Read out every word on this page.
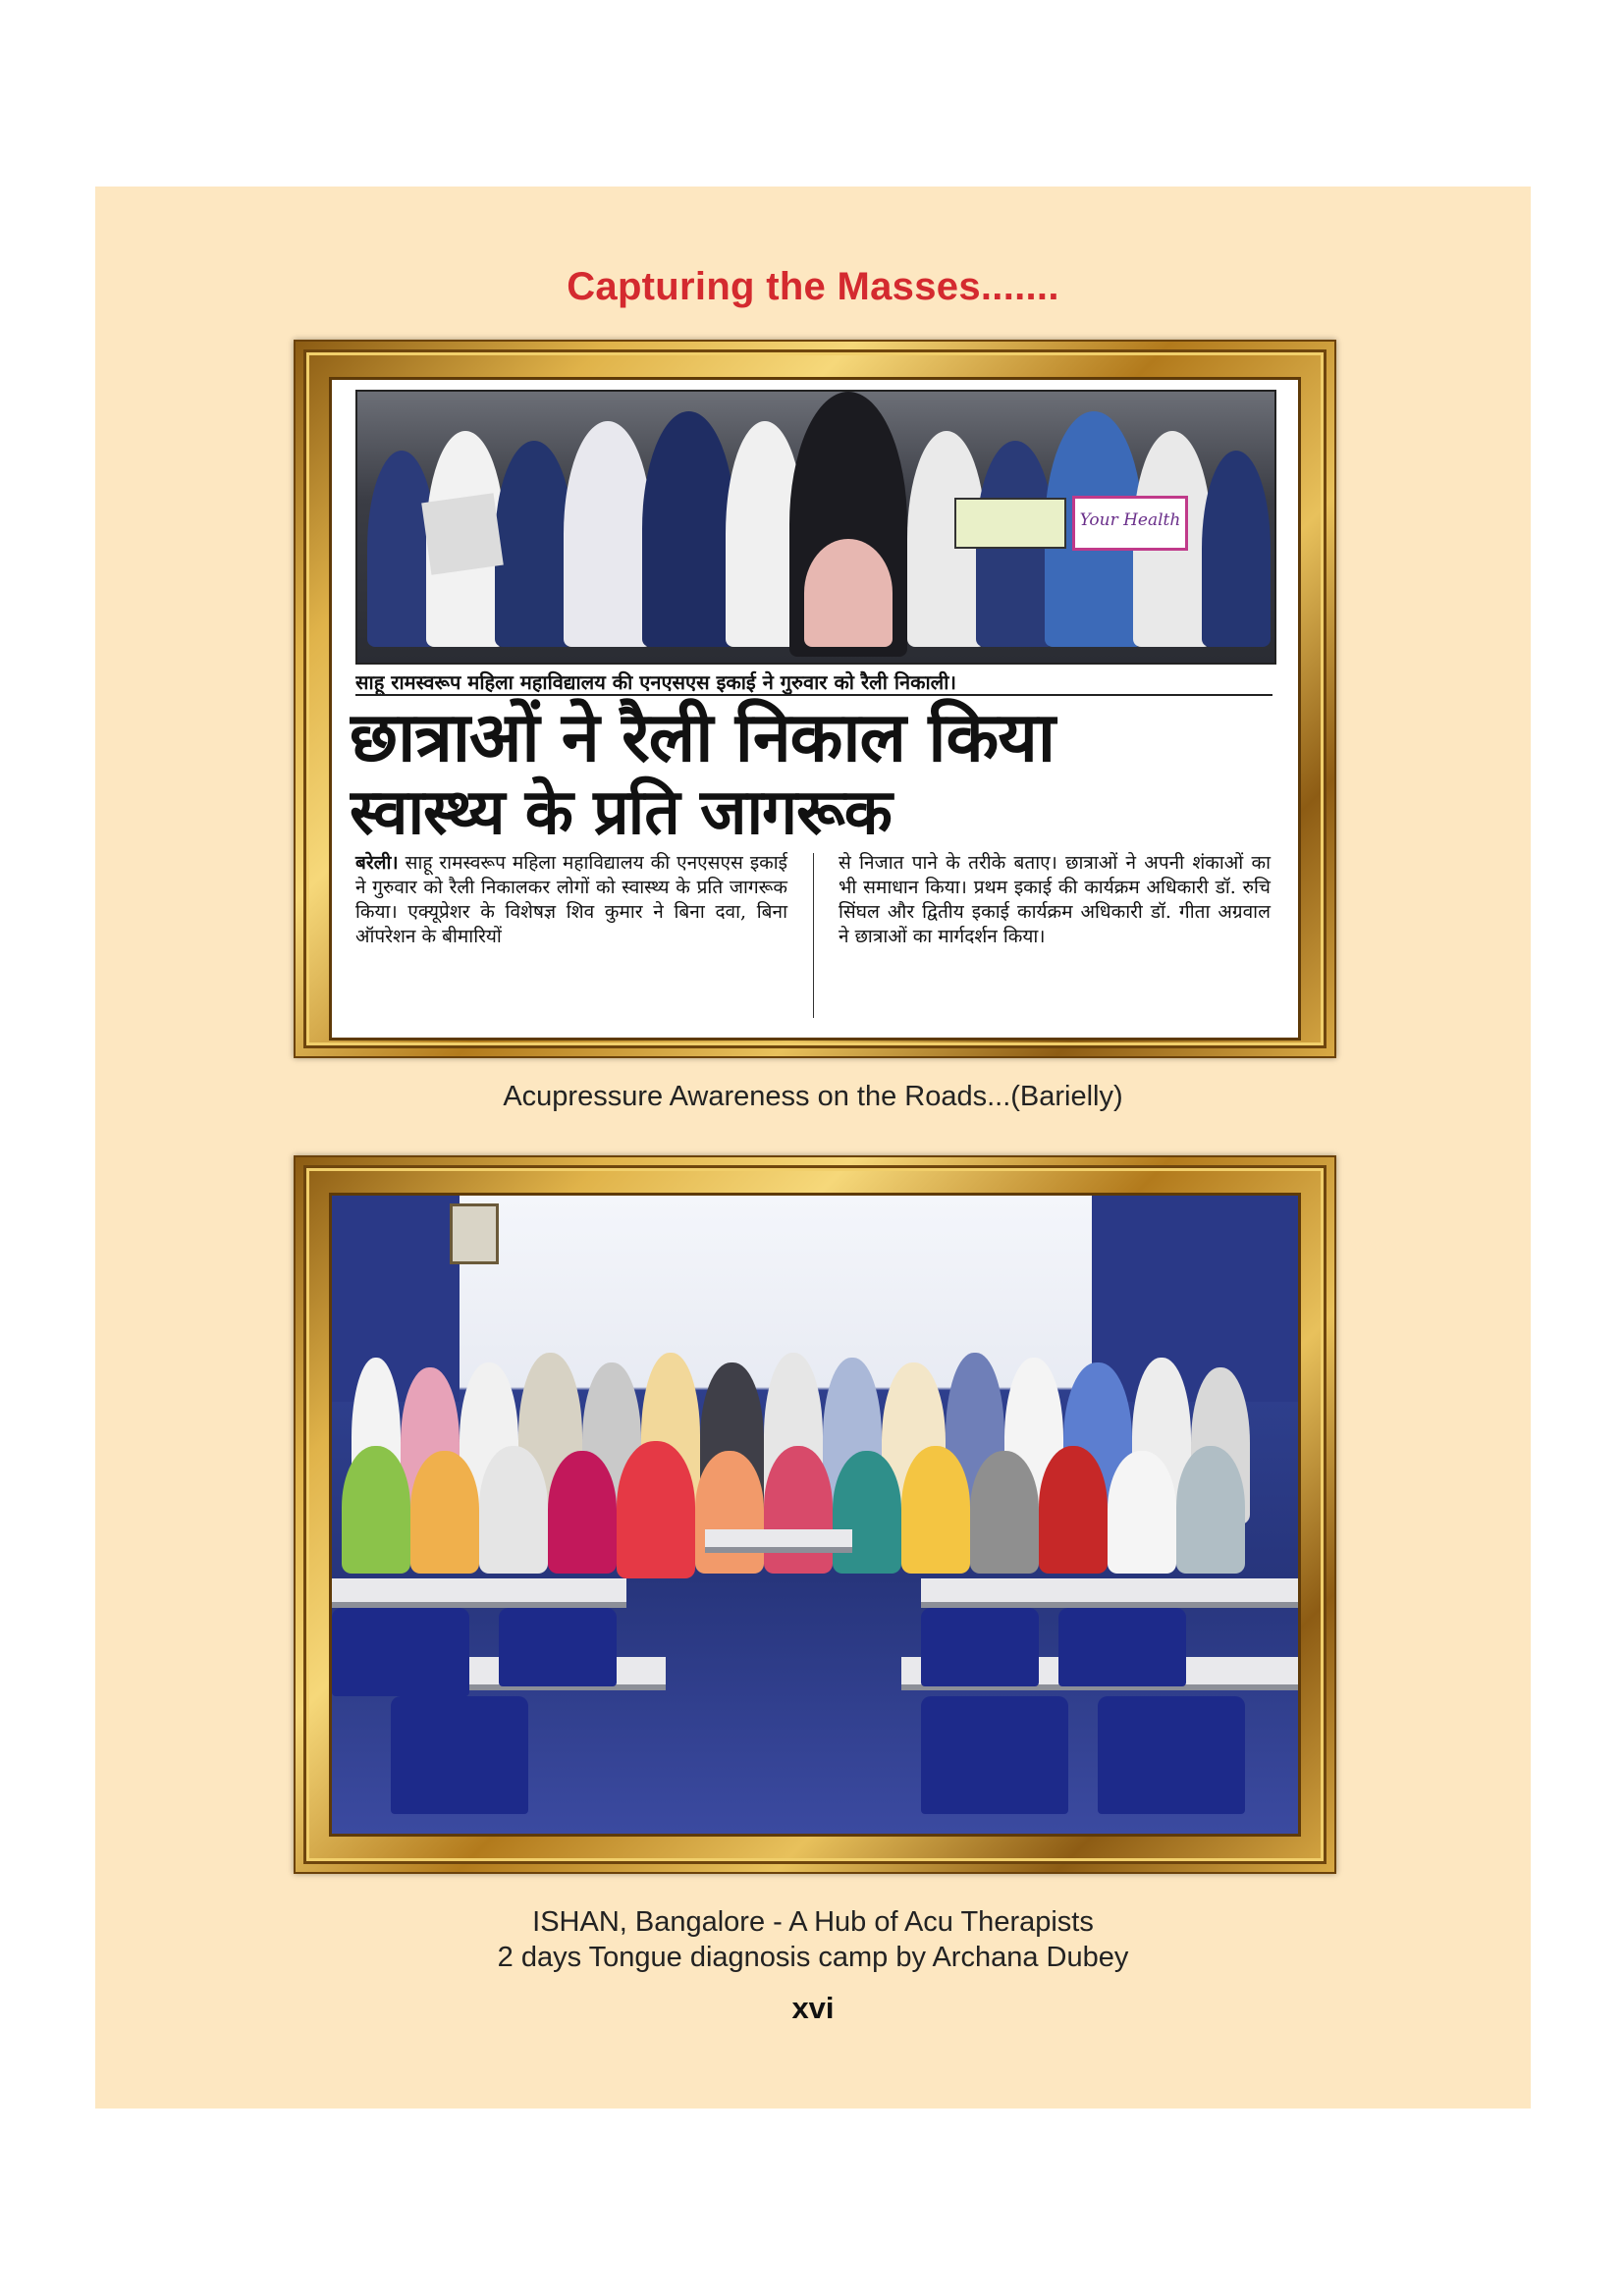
Capturing the Masses.......
Your Health
साहू रामस्वरूप महिला महाविद्यालय की एनएसएस इकाई ने गुरुवार को रैली निकाली।
छात्राओं ने रैली निकाल किया
स्वास्थ्य के प्रति जागरूक
बरेली। साहू रामस्वरूप महिला महाविद्यालय की एनएसएस इकाई ने गुरुवार को रैली निकालकर लोगों को स्वास्थ्य के प्रति जागरूक किया। एक्यूप्रेशर के विशेषज्ञ शिव कुमार ने बिना दवा, बिना ऑपरेशन के बीमारियों
से निजात पाने के तरीके बताए। छात्राओं ने अपनी शंकाओं का भी समाधान किया। प्रथम इकाई की कार्यक्रम अधिकारी डॉ. रुचि सिंघल और द्वितीय इकाई कार्यक्रम अधिकारी डॉ. गीता अग्रवाल ने छात्राओं का मार्गदर्शन किया।
Acupressure Awareness on the Roads...(Barielly)
ISHAN, Bangalore - A Hub of Acu Therapists
2 days Tongue diagnosis camp by Archana Dubey
xvi
